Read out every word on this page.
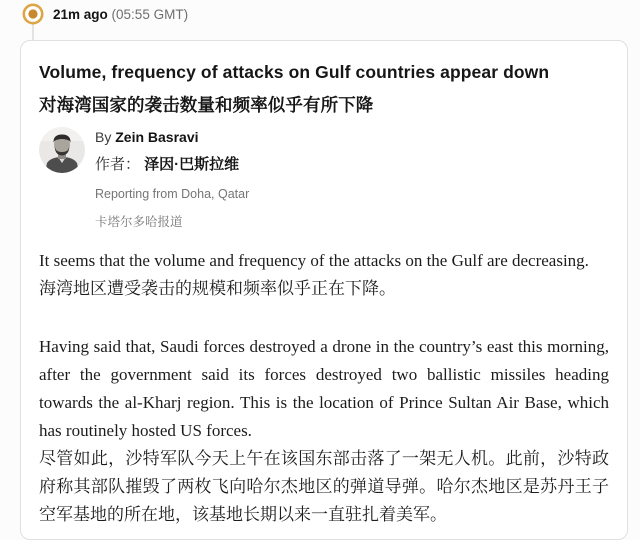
21m ago (05:55 GMT)
Volume, frequency of attacks on Gulf countries appear down
对海湾国家的袭击数量和频率似乎有所下降
By Zein Basravi
作者： 泽因·巴斯拉维
Reporting from Doha, Qatar
卡塔尔多哈报道

It seems that the volume and frequency of the attacks on the Gulf are decreasing.

海湾地区遭受袭击的规模和频率似乎正在下降。

Having said that, Saudi forces destroyed a drone in the country’s east this morning, after the government said its forces destroyed two ballistic missiles heading towards the al-Kharj region. This is the location of Prince Sultan Air Base, which has routinely hosted US forces.

尽管如此，沙特军队今天上午在该国东部击落了一架无人机。此前，沙特政府称其部队摧毁了两枚飞向哈尔杰地区的弹道导弹。哈尔杰地区是苏丹王子空军基地的所在地，该基地长期以来一直驻扎着美军。
